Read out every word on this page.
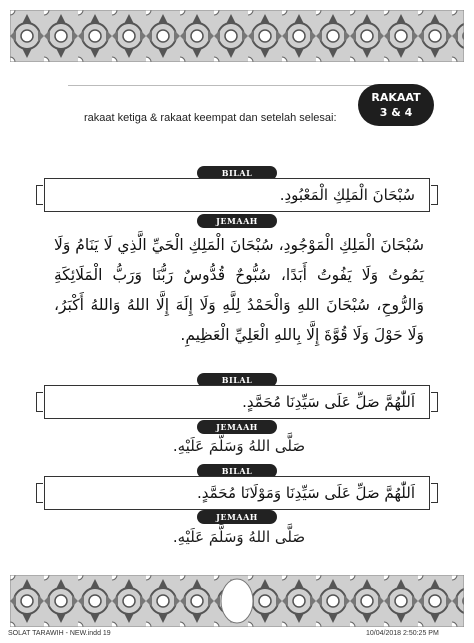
RAKAAT
3 & 4
rakaat ketiga & rakaat keempat dan setelah selesai:
BILAL
سُبْحَانَ الْمَلِكِ الْمَعْبُودِ.
JEMAAH
سُبْحَانَ الْمَلِكِ الْمَوْجُودِ، سُبْحَانَ الْمَلِكِ الْحَيِّ الَّذِي لَا يَنَامُ وَلَا يَمُوتُ وَلَا يَفُوتُ أَبَدًا، سُبُّوحٌ قُدُّوسٌ رَبُّنَا وَرَبُّ الْمَلَائِكَةِ وَالرُّوحِ، سُبْحَانَ اللهِ وَالْحَمْدُ لِلَّهِ وَلَا إِلَهَ إِلَّا اللهُ وَاللهُ أَكْبَرُ، وَلَا حَوْلَ وَلَا قُوَّةَ إِلَّا بِاللهِ الْعَلِيِّ الْعَظِيمِ.
BILAL
اَللّٰهُمَّ صَلِّ عَلَى سَيِّدِنَا مُحَمَّدٍ.
JEMAAH
صَلَّى اللهُ وَسَلَّمَ عَلَيْهِ.
BILAL
اَللّٰهُمَّ صَلِّ عَلَى سَيِّدِنَا وَمَوْلَانَا مُحَمَّدٍ.
JEMAAH
صَلَّى اللهُ وَسَلَّمَ عَلَيْهِ.
SOLAT TARAWIH - NEW.indd 19	10/04/2018 2:50:25 PM
